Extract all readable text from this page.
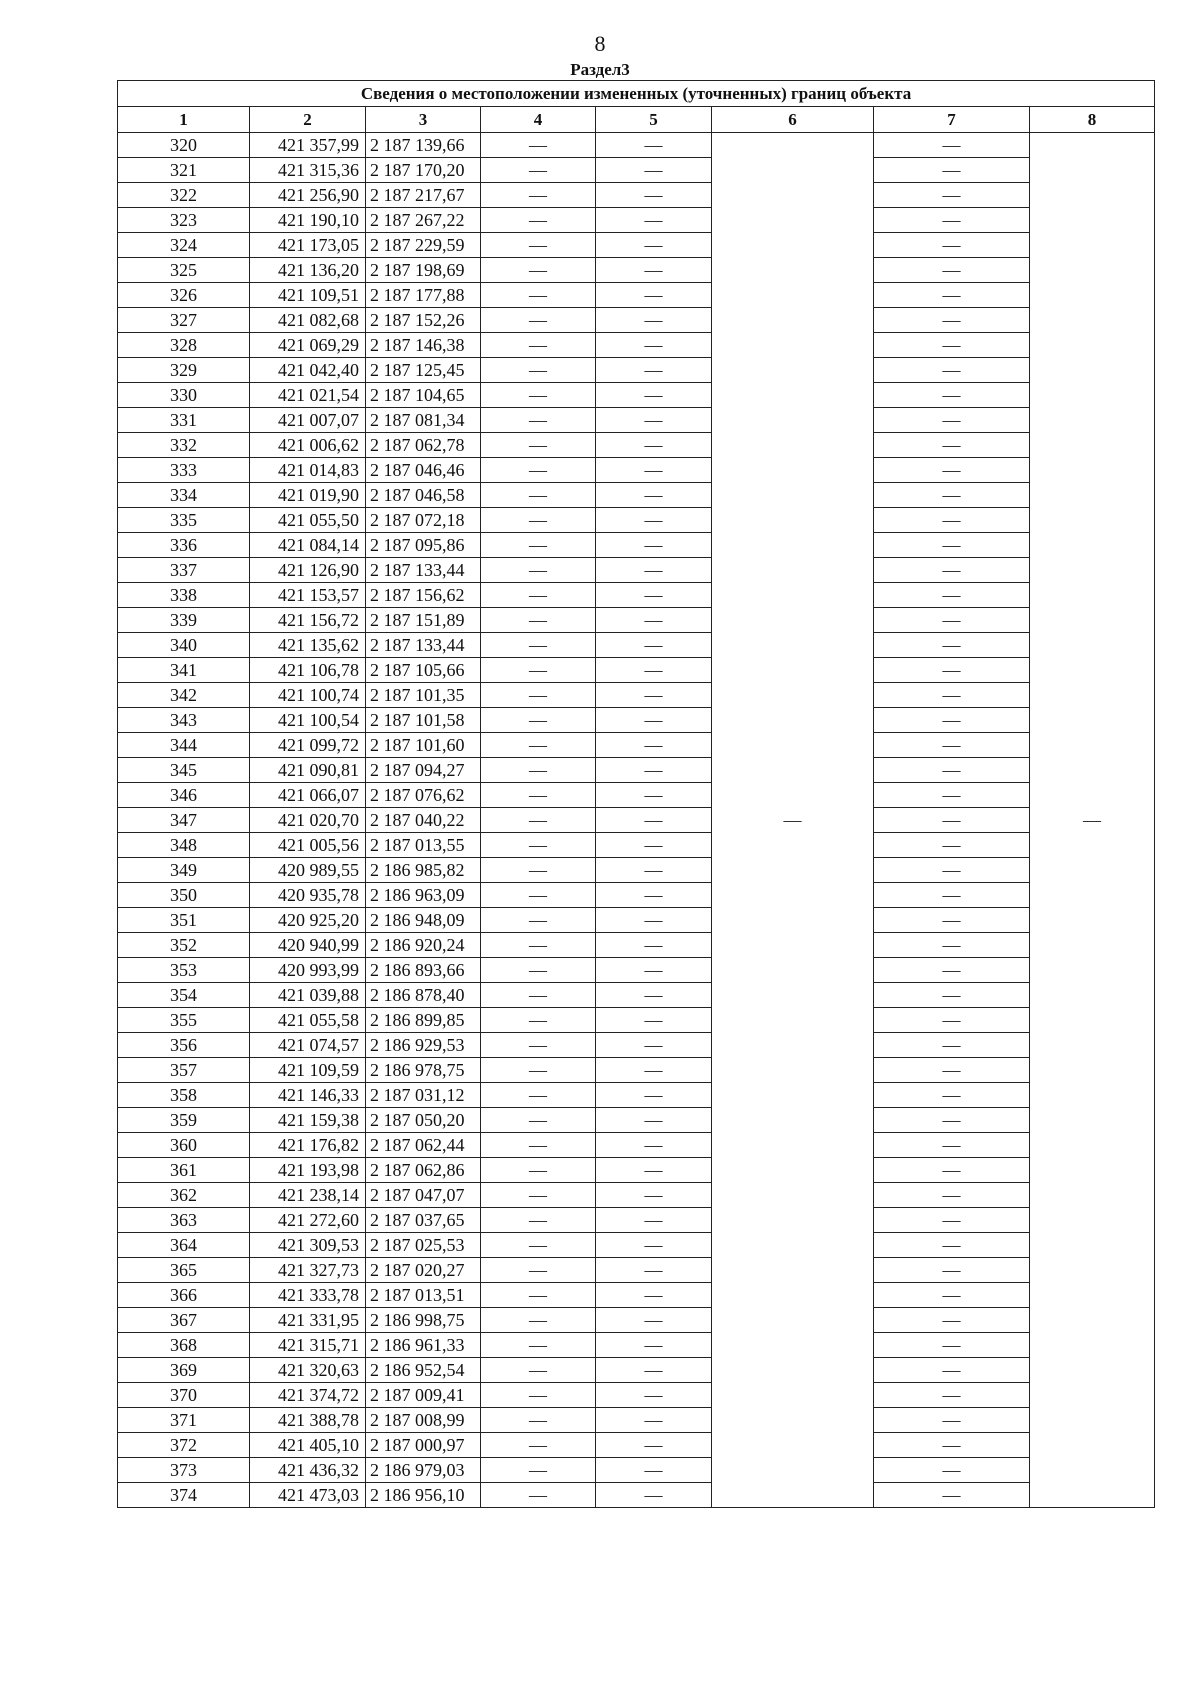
8
Раздел3
Сведения о местоположении измененных (уточненных) границ объекта							
1	2	3	4	5	6	7	8
320	421 357,99	2 187 139,66	—	—	—	—	—
321	421 315,36	2 187 170,20	—	—		—	
322	421 256,90	2 187 217,67	—	—		—	
323	421 190,10	2 187 267,22	—	—		—	
324	421 173,05	2 187 229,59	—	—		—	
325	421 136,20	2 187 198,69	—	—		—	
326	421 109,51	2 187 177,88	—	—		—	
327	421 082,68	2 187 152,26	—	—		—	
328	421 069,29	2 187 146,38	—	—		—	
329	421 042,40	2 187 125,45	—	—		—	
330	421 021,54	2 187 104,65	—	—		—	
331	421 007,07	2 187 081,34	—	—		—	
332	421 006,62	2 187 062,78	—	—		—	
333	421 014,83	2 187 046,46	—	—		—	
334	421 019,90	2 187 046,58	—	—		—	
335	421 055,50	2 187 072,18	—	—		—	
336	421 084,14	2 187 095,86	—	—		—	
337	421 126,90	2 187 133,44	—	—		—	
338	421 153,57	2 187 156,62	—	—		—	
339	421 156,72	2 187 151,89	—	—		—	
340	421 135,62	2 187 133,44	—	—		—	
341	421 106,78	2 187 105,66	—	—		—	
342	421 100,74	2 187 101,35	—	—		—	
343	421 100,54	2 187 101,58	—	—		—	
344	421 099,72	2 187 101,60	—	—		—	
345	421 090,81	2 187 094,27	—	—		—	
346	421 066,07	2 187 076,62	—	—		—	
347	421 020,70	2 187 040,22	—	—		—	
348	421 005,56	2 187 013,55	—	—		—	
349	420 989,55	2 186 985,82	—	—		—	
350	420 935,78	2 186 963,09	—	—		—	
351	420 925,20	2 186 948,09	—	—		—	
352	420 940,99	2 186 920,24	—	—		—	
353	420 993,99	2 186 893,66	—	—		—	
354	421 039,88	2 186 878,40	—	—		—	
355	421 055,58	2 186 899,85	—	—		—	
356	421 074,57	2 186 929,53	—	—		—	
357	421 109,59	2 186 978,75	—	—		—	
358	421 146,33	2 187 031,12	—	—		—	
359	421 159,38	2 187 050,20	—	—		—	
360	421 176,82	2 187 062,44	—	—		—	
361	421 193,98	2 187 062,86	—	—		—	
362	421 238,14	2 187 047,07	—	—		—	
363	421 272,60	2 187 037,65	—	—		—	
364	421 309,53	2 187 025,53	—	—		—	
365	421 327,73	2 187 020,27	—	—		—	
366	421 333,78	2 187 013,51	—	—		—	
367	421 331,95	2 186 998,75	—	—		—	
368	421 315,71	2 186 961,33	—	—		—	
369	421 320,63	2 186 952,54	—	—		—	
370	421 374,72	2 187 009,41	—	—		—	
371	421 388,78	2 187 008,99	—	—		—	
372	421 405,10	2 187 000,97	—	—		—	
373	421 436,32	2 186 979,03	—	—		—	
374	421 473,03	2 186 956,10	—	—		—	
